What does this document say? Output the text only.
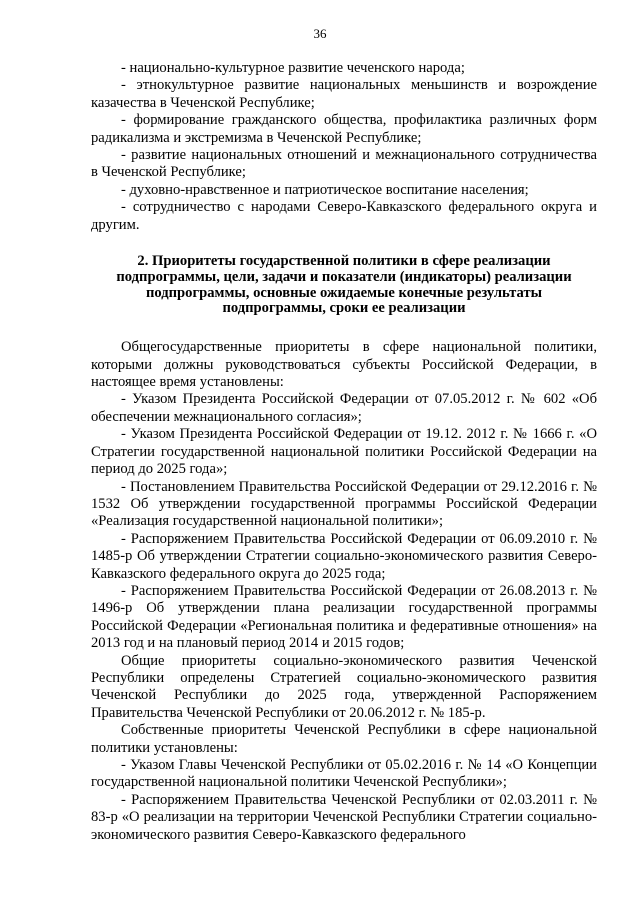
36

- национально-культурное развитие чеченского народа;

- этнокультурное развитие национальных меньшинств и возрождение казачества в Чеченской Республике;

- формирование гражданского общества, профилактика различных форм радикализма и экстремизма в Чеченской Республике;

- развитие национальных отношений и межнационального сотрудничества в Чеченской Республике;

- духовно-нравственное и патриотическое воспитание населения;

- сотрудничество с народами Северо-Кавказского федерального округа и другим.

2. Приоритеты государственной политики в сфере реализации подпрограммы, цели, задачи и показатели (индикаторы) реализации подпрограммы, основные ожидаемые конечные результаты подпрограммы, сроки ее реализации

Общегосударственные приоритеты в сфере национальной политики, которыми должны руководствоваться субъекты Российской Федерации, в настоящее время установлены:

- Указом Президента Российской Федерации от 07.05.2012 г. № 602 «Об обеспечении межнационального согласия»;

- Указом Президента Российской Федерации от 19.12. 2012 г. № 1666 г. «О Стратегии государственной национальной политики Российской Федерации на период до 2025 года»;

- Постановлением Правительства Российской Федерации от 29.12.2016 г. № 1532 Об утверждении государственной программы Российской Федерации «Реализация государственной национальной политики»;

- Распоряжением Правительства Российской Федерации от 06.09.2010 г. № 1485-р Об утверждении Стратегии социально-экономического развития Северо-Кавказского федерального округа до 2025 года;

- Распоряжением Правительства Российской Федерации от 26.08.2013 г. № 1496-р Об утверждении плана реализации государственной программы Российской Федерации «Региональная политика и федеративные отношения» на 2013 год и на плановый период 2014 и 2015 годов;

Общие приоритеты социально-экономического развития Чеченской Республики определены Стратегией социально-экономического развития Чеченской Республики до 2025 года, утвержденной Распоряжением Правительства Чеченской Республики от 20.06.2012 г. № 185-р.

Собственные приоритеты Чеченской Республики в сфере национальной политики установлены:

- Указом Главы Чеченской Республики от 05.02.2016 г. № 14 «О Концепции государственной национальной политики Чеченской Республики»;

- Распоряжением Правительства Чеченской Республики от 02.03.2011 г. № 83-р «О реализации на территории Чеченской Республики Стратегии социально-экономического развития Северо-Кавказского федерального
